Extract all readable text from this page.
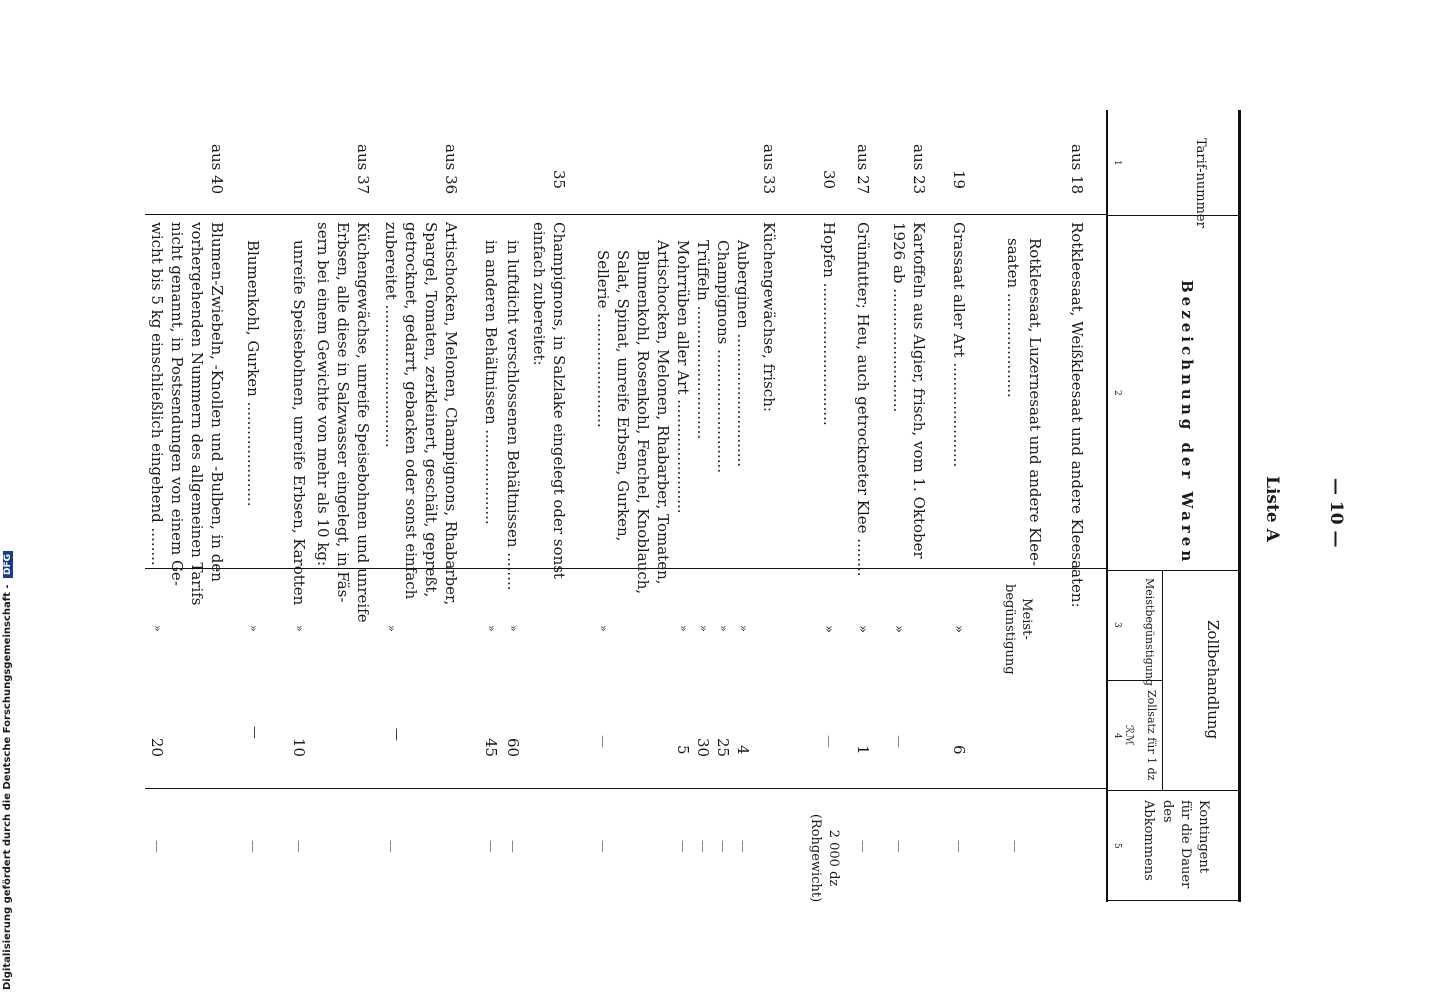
— 10 —
Liste A
Tarif-nummer
Bezeichnung der Waren
Zollbehandlung
Meistbegünstigung
Zollsatz für 1 dz
ℛℳ
Kontingent für die Dauer des Abkommens
1
2
3
4
5
aus 18
Rotkleesaat, Weißkleesaat und andere Kleesaaten:
Rotkleesaat, Luzernesaat und andere Klee-
saaten ......................
Meist- begünstigung
—
19
Grassaat aller Art ......................
»
6
—
aus 23
Kartoffeln aus Algier, frisch, vom 1. Oktober
1926 ab ..........................
»
—
—
aus 27
Grünfutter; Heu, auch getrockneter Klee ........
»
1
—
30
Hopfen ..............................
»
—
2 000 dz (Rohgewicht)
aus 33
Küchengewächse, frisch:
Auberginen ............................
»
4
—
Champignons ..........................
»
25
—
Trüffeln ............................
»
30
—
Mohrrüben aller Art ........................
»
5
—
Artischocken, Melonen, Rhabarber, Tomaten,
Blumenkohl, Rosenkohl, Fenchel, Knoblauch,
Salat, Spinat, unreife Erbsen, Gurken,
Sellerie ........................
»
—
—
35
Champignons, in Salzlake eingelegt oder sonst
einfach zubereitet:
in luftdicht verschlossenen Behältnissen ........
»
60
—
in anderen Behältnissen ....................
»
45
—
aus 36
Artischocken, Melonen, Champignons, Rhabarber,
Spargel, Tomaten, zerkleinert, geschält, gepreßt,
getrocknet, gedarrt, gebacken oder sonst einfach
zubereitet ..............................
»
—
—
aus 37
Küchengewächse, unreife Speisebohnen und unreife
Erbsen, alle diese in Salzwasser eingelegt, in Fäs-
sern bei einem Gewichte von mehr als 10 kg:
unreife Speisebohnen, unreife Erbsen, Karotten
»
10
—
Blumenkohl, Gurken ......................
»
—
—
aus 40
Blumen-Zwiebeln, -Knollen und -Bulben, in den
vorhergehenden Nummern des allgemeinen Tarifs
nicht genannt, in Postsendungen von einem Ge-
wicht bis 5 kg einschließlich eingehend ........
»
20
—
Digitalisierung gefördert durch die Deutsche Forschungsgemeinschaft - DFG
